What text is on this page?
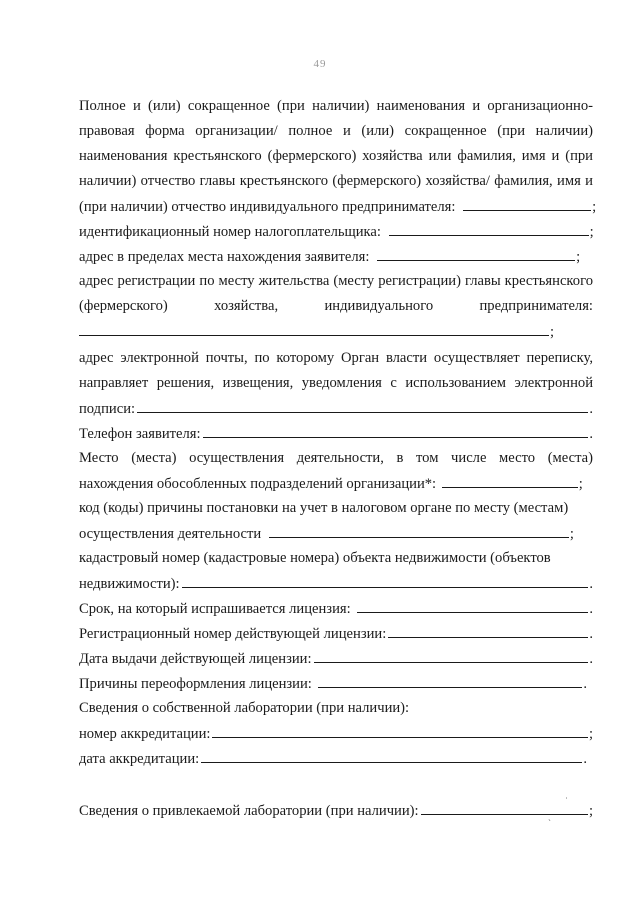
49
Полное и (или) сокращенное (при наличии) наименования и организационно-
правовая форма организации/ полное и (или) сокращенное (при наличии)
наименования крестьянского (фермерского) хозяйства или фамилия, имя и (при
наличии) отчество главы крестьянского (фермерского) хозяйства/ фамилия, имя и
(при наличии) отчество индивидуального предпринимателя:	;
идентификационный номер налогоплательщика:	;
адрес в пределах места нахождения заявителя:	;
адрес регистрации по месту жительства (месту регистрации) главы крестьянского
(фермерского)	хозяйства,	индивидуального	предпринимателя:
;
адрес электронной почты, по которому Орган власти осуществляет переписку,
направляет решения, извещения, уведомления с использованием электронной
подписи:	.
Телефон заявителя:	.
Место (места) осуществления деятельности, в том числе место (места)
нахождения обособленных подразделений организации*:	;
код (коды) причины постановки на учет в налоговом органе по месту (местам)
осуществления деятельности	;
кадастровый номер (кадастровые номера) объекта недвижимости (объектов
недвижимости):	.
Срок, на который испрашивается лицензия:	.
Регистрационный номер действующей лицензии:	.
Дата выдачи действующей лицензии:	.
Причины переоформления лицензии:	.
Сведения о собственной лаборатории (при наличии):
номер аккредитации:	;
дата аккредитации:	.
Сведения о привлекаемой лаборатории (при наличии):	;
˙
`
